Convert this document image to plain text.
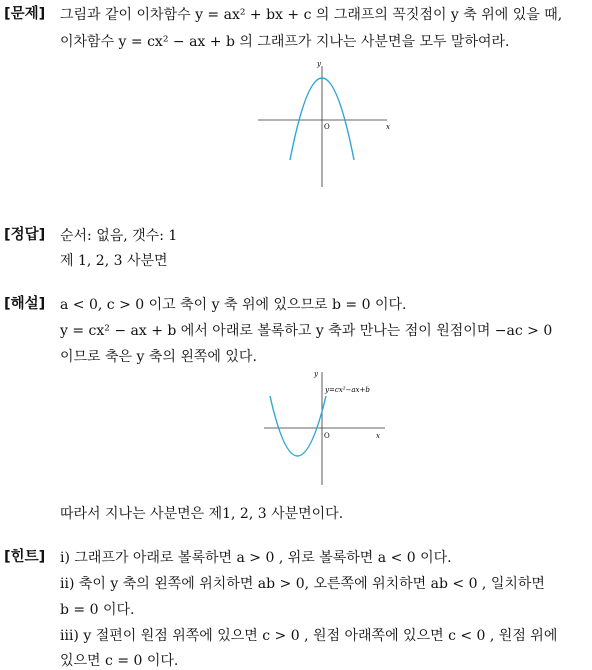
[문제] 그림과 같이 이차함수 y = ax² + bx + c 의 그래프의 꼭짓점이 y 축 위에 있을 때,
이차함수 y = cx² − ax + b 의 그래프가 지나는 사분면을 모두 말하여라.
y
x
O
[정답] 순서: 없음, 갯수: 1
제 1, 2, 3 사분면
[해설] a < 0, c > 0 이고 축이 y 축 위에 있으므로 b = 0 이다.
y = cx² − ax + b 에서 아래로 볼록하고 y 축과 만나는 점이 원점이며 −ac > 0
이므로 축은 y 축의 왼쪽에 있다.
y
x
O
y=cx²−ax+b
따라서 지나는 사분면은 제1, 2, 3 사분면이다.
[힌트] ⅰ) 그래프가 아래로 볼록하면 a > 0 , 위로 볼록하면 a < 0 이다.
ⅱ) 축이 y 축의 왼쪽에 위치하면 ab > 0, 오른쪽에 위치하면 ab < 0 , 일치하면
b = 0 이다.
ⅲ) y 절편이 원점 위쪽에 있으면 c > 0 , 원점 아래쪽에 있으면 c < 0 , 원점 위에
있으면 c = 0 이다.
